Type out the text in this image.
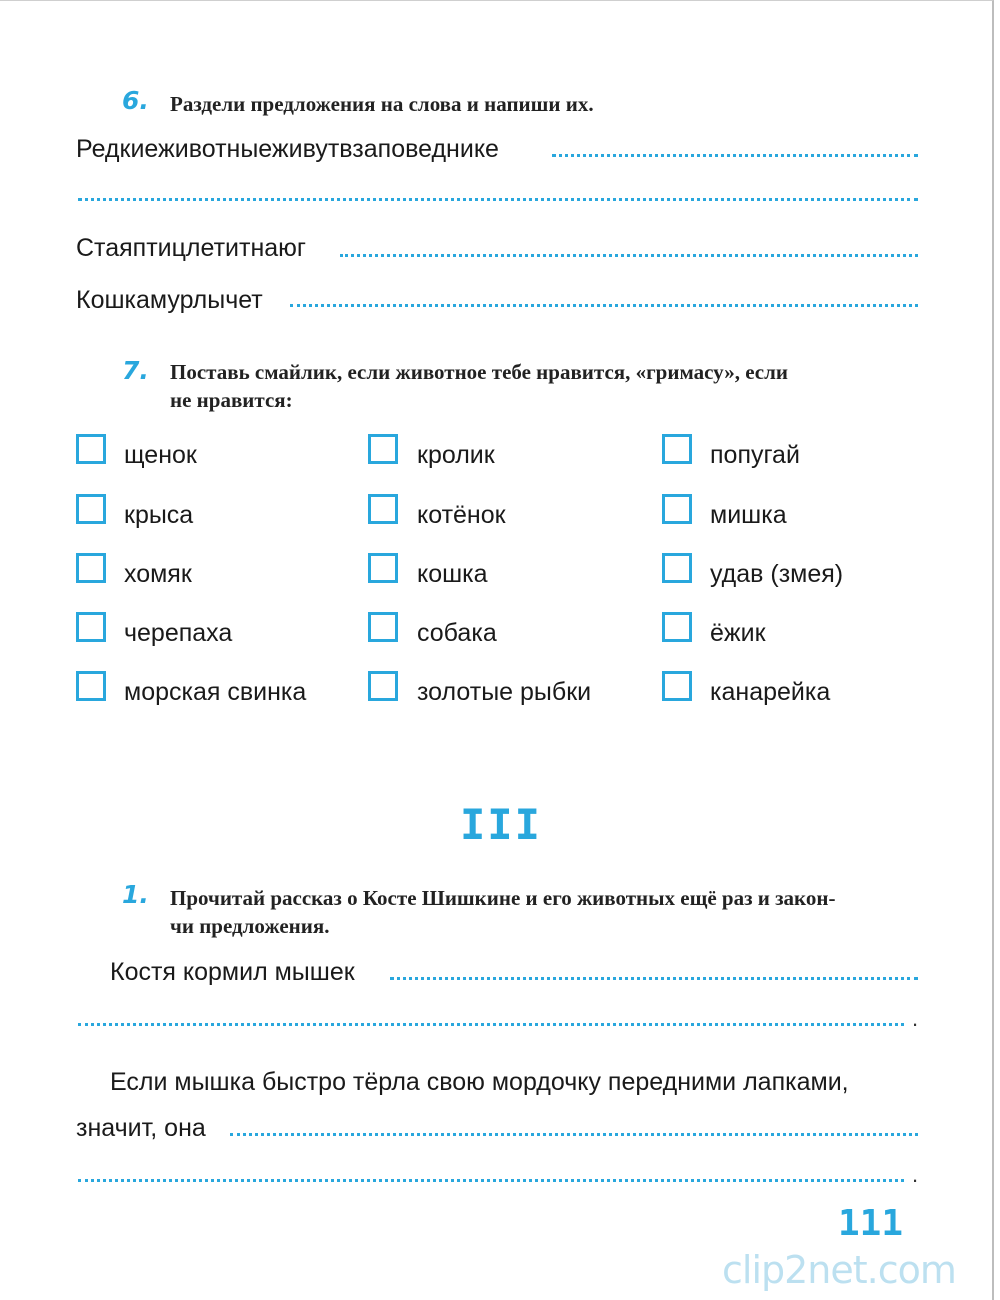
6. Раздели предложения на слова и напиши их.
Редкиеживотныеживутвзаповеднике
Стаяптицлетитнаюг
Кошкамурлычет
7. Поставь смайлик, если животное тебе нравится, «гримасу», если
не нравится:
щенок
крыса
хомяк
черепаха
морская свинка
кролик
котёнок
кошка
собака
золотые рыбки
попугай
мишка
удав (змея)
ёжик
канарейка
III
1. Прочитай рассказ о Косте Шишкине и его животных ещё раз и закон-
чи предложения.
Костя кормил мышек
.
Если мышка быстро тёрла свою мордочку передними лапками,
значит, она
.
111
clip2net.com
